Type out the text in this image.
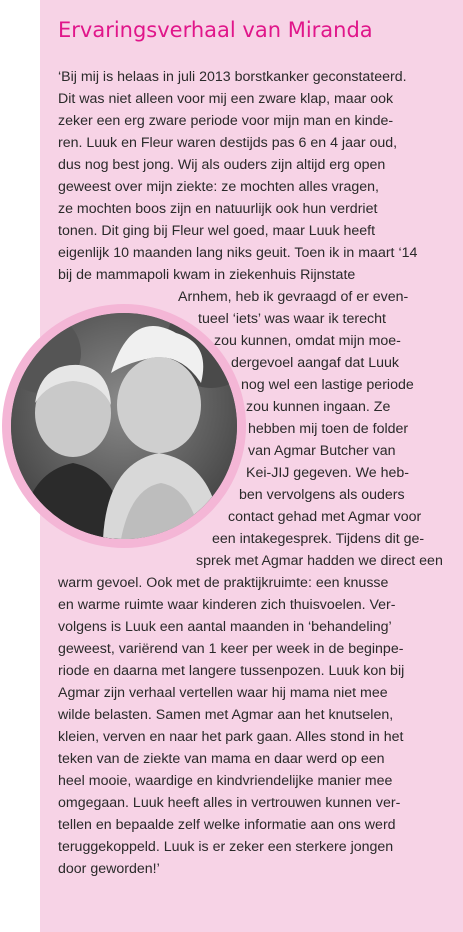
Ervaringsverhaal van Miranda
‘Bij mij is helaas in juli 2013 borstkanker geconstateerd.
Dit was niet alleen voor mij een zware klap, maar ook
zeker een erg zware periode voor mijn man en kinde-
ren. Luuk en Fleur waren destijds pas 6 en 4 jaar oud,
dus nog best jong. Wij als ouders zijn altijd erg open
geweest over mijn ziekte: ze mochten alles vragen,
ze mochten boos zijn en natuurlijk ook hun verdriet
tonen. Dit ging bij Fleur wel goed, maar Luuk heeft
eigenlijk 10 maanden lang niks geuit. Toen ik in maart ‘14
bij de mammapoli kwam in ziekenhuis Rijnstate
Arnhem, heb ik gevraagd of er even-
tueel ‘iets’ was waar ik terecht
zou kunnen, omdat mijn moe-
dergevoel aangaf dat Luuk
nog wel een lastige periode
zou kunnen ingaan. Ze
hebben mij toen de folder
van Agmar Butcher van
Kei-JIJ gegeven. We heb-
ben vervolgens als ouders
contact gehad met Agmar voor
een intakegesprek. Tijdens dit ge-
sprek met Agmar hadden we direct een
warm gevoel. Ook met de praktijkruimte: een knusse
en warme ruimte waar kinderen zich thuisvoelen. Ver-
volgens is Luuk een aantal maanden in ‘behandeling’
geweest, variërend van 1 keer per week in de beginpe-
riode en daarna met langere tussenpozen. Luuk kon bij
Agmar zijn verhaal vertellen waar hij mama niet mee
wilde belasten. Samen met Agmar aan het knutselen,
kleien, verven en naar het park gaan. Alles stond in het
teken van de ziekte van mama en daar werd op een
heel mooie, waardige en kindvriendelijke manier mee
omgegaan. Luuk heeft alles in vertrouwen kunnen ver-
tellen en bepaalde zelf welke informatie aan ons werd
teruggekoppeld. Luuk is er zeker een sterkere jongen
door geworden!’
